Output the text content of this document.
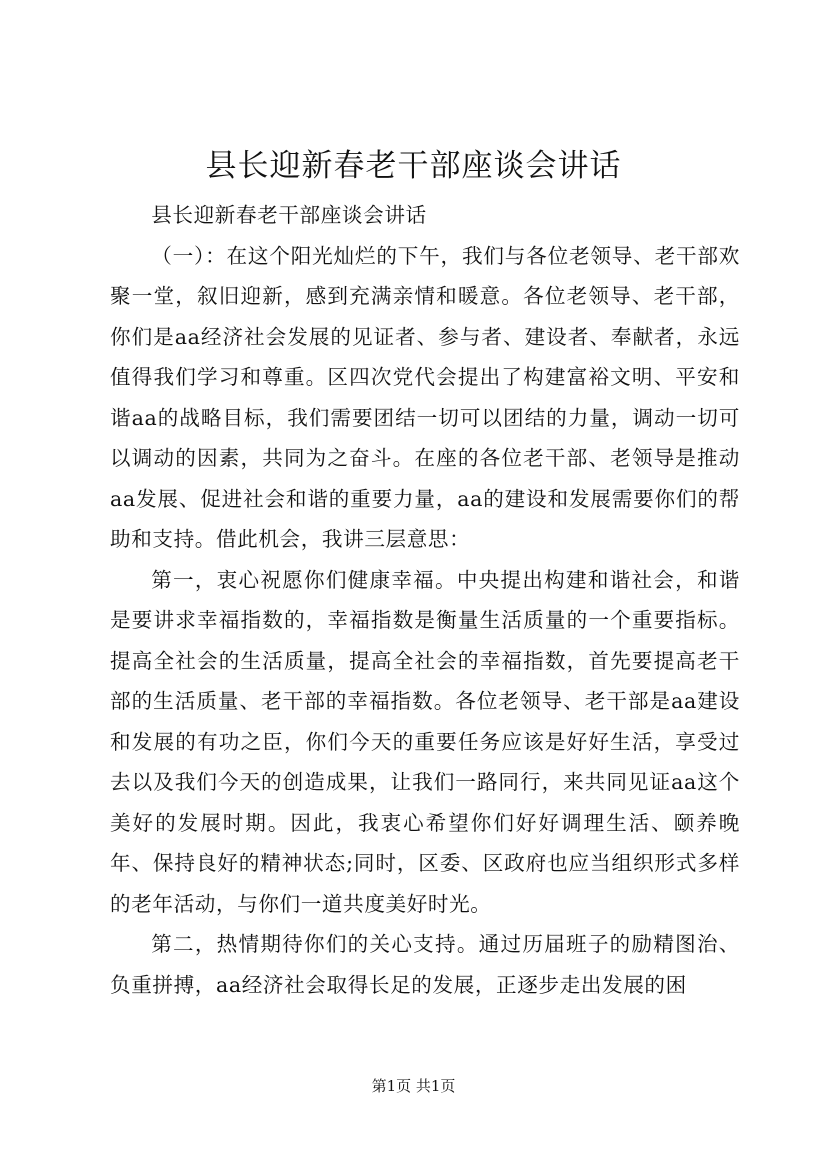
县长迎新春老干部座谈会讲话

县长迎新春老干部座谈会讲话

（一）：在这个阳光灿烂的下午，我们与各位老领导、老干部欢聚一堂，叙旧迎新，感到充满亲情和暖意。各位老领导、老干部，你们是aa经济社会发展的见证者、参与者、建设者、奉献者，永远值得我们学习和尊重。区四次党代会提出了构建富裕文明、平安和谐aa的战略目标，我们需要团结一切可以团结的力量，调动一切可以调动的因素，共同为之奋斗。在座的各位老干部、老领导是推动aa发展、促进社会和谐的重要力量，aa的建设和发展需要你们的帮助和支持。借此机会，我讲三层意思：

第一，衷心祝愿你们健康幸福。中央提出构建和谐社会，和谐是要讲求幸福指数的，幸福指数是衡量生活质量的一个重要指标。提高全社会的生活质量，提高全社会的幸福指数，首先要提高老干部的生活质量、老干部的幸福指数。各位老领导、老干部是aa建设和发展的有功之臣，你们今天的重要任务应该是好好生活，享受过去以及我们今天的创造成果，让我们一路同行，来共同见证aa这个美好的发展时期。因此，我衷心希望你们好好调理生活、颐养晚年、保持良好的精神状态;同时，区委、区政府也应当组织形式多样的老年活动，与你们一道共度美好时光。

第二，热情期待你们的关心支持。通过历届班子的励精图治、负重拼搏，aa经济社会取得长足的发展，正逐步走出发展的困

第1页 共1页
